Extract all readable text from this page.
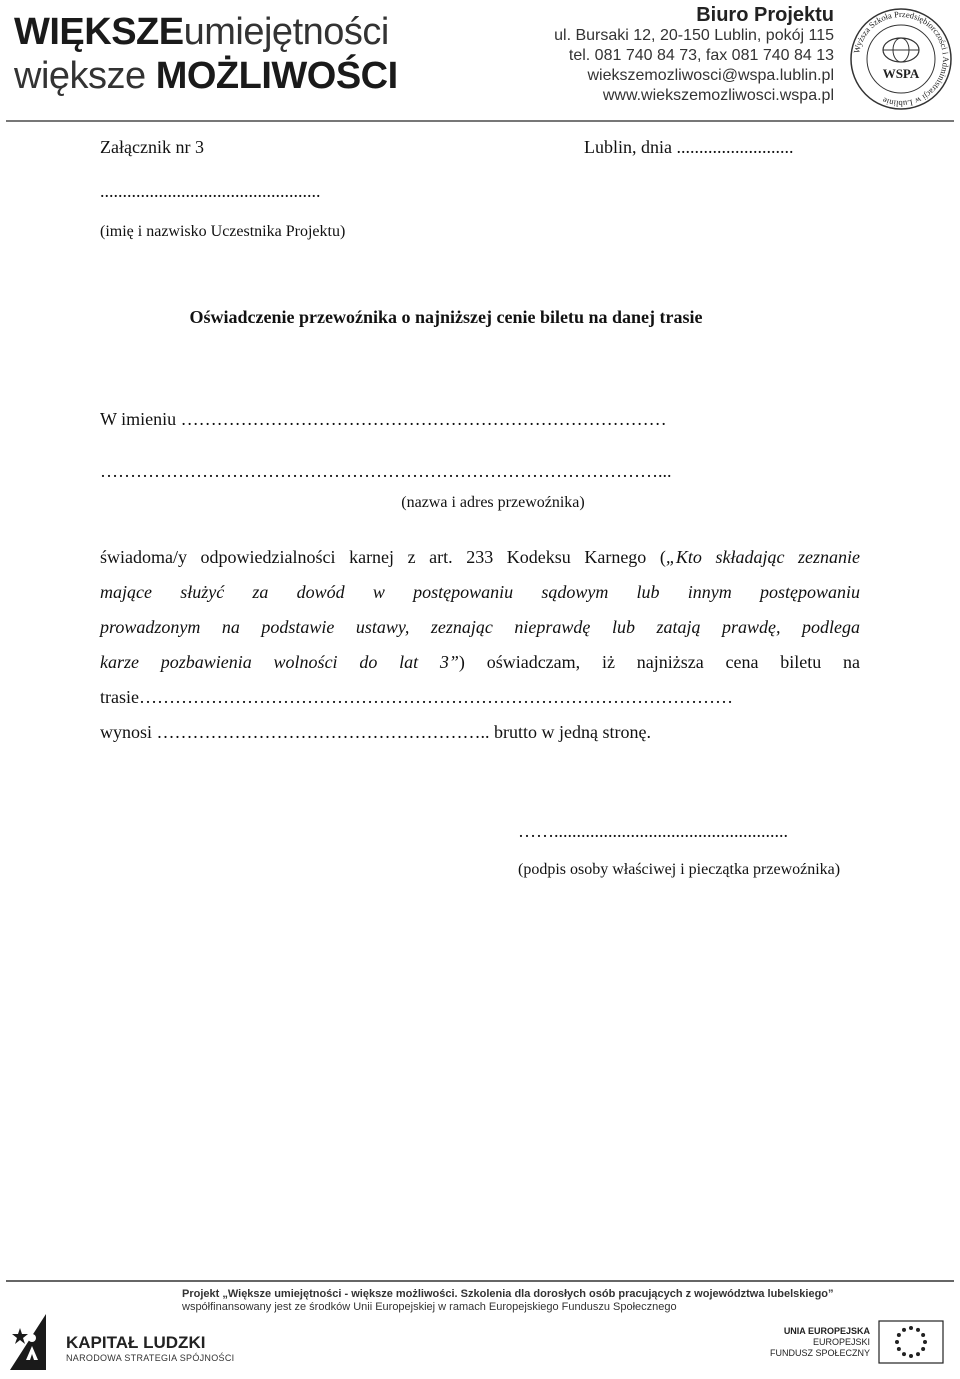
WIĘKSZEumiejętności
większe MOŻLIWOŚCI
Biuro Projektu
ul. Bursaki 12, 20-150 Lublin, pokój 115
tel. 081 740 84 73, fax 081 740 84 13
wiekszemozliwosci@wspa.lublin.pl
www.wiekszemozliwosci.wspa.pl
Wyższa Szkoła Przedsiębiorczości i Administracji w Lublinie
WSPA
Załącznik nr 3	Lublin, dnia ..........................
.................................................
(imię i nazwisko Uczestnika Projektu)
Oświadczenie przewoźnika o najniższej cenie biletu na danej trasie
W imieniu ………………………………………………………………………
…………………………………………………………………………………...
(nazwa i adres przewoźnika)
świadoma/y odpowiedzialności karnej z art. 233 Kodeksu Karnego („Kto składając zeznanie
mające służyć za dowód w postępowaniu sądowym lub innym postępowaniu
prowadzonym na podstawie ustawy, zeznając nieprawdę lub zatają prawdę, podlega
karze pozbawienia wolności do lat 3”) oświadczam, iż najniższa cena biletu na
trasie………………………………………………………………………………………
wynosi ……………………………………………….. brutto w jedną stronę.
……....................................................
(podpis osoby właściwej i pieczątka przewoźnika)
Projekt „Większe umiejętności - większe możliwości. Szkolenia dla dorosłych osób pracujących z województwa lubelskiego”
współfinansowany jest ze środków Unii Europejskiej w ramach Europejskiego Funduszu Społecznego
KAPITAŁ LUDZKI
NARODOWA STRATEGIA SPÓJNOŚCI
UNIA EUROPEJSKA
EUROPEJSKI
FUNDUSZ SPOŁECZNY
